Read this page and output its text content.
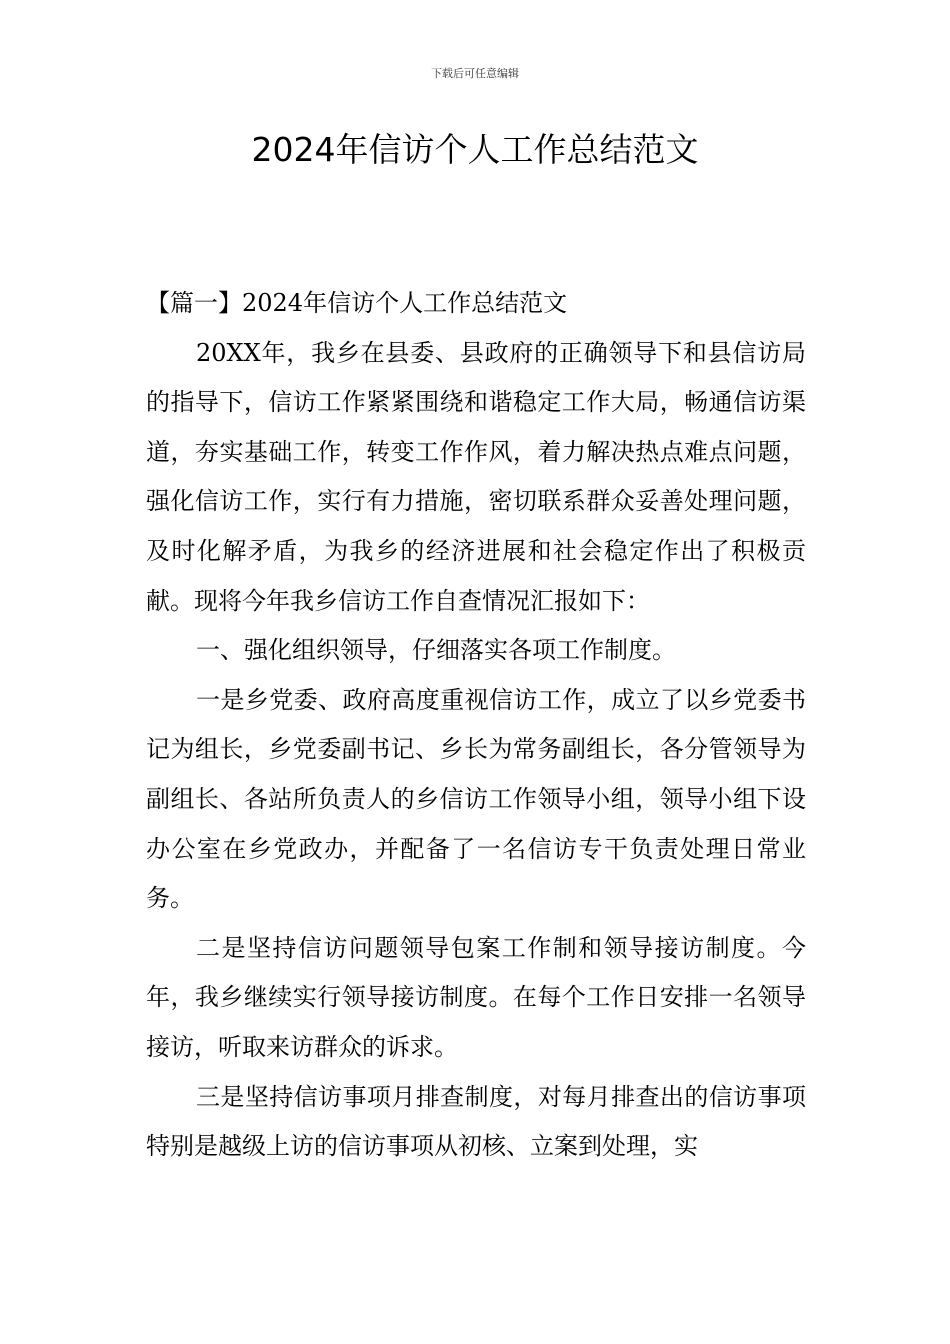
下载后可任意编辑
2024年信访个人工作总结范文

【篇一】2024年信访个人工作总结范文

20XX年，我乡在县委、县政府的正确领导下和县信访局的指导下，信访工作紧紧围绕和谐稳定工作大局，畅通信访渠道，夯实基础工作，转变工作作风，着力解决热点难点问题，强化信访工作，实行有力措施，密切联系群众妥善处理问题，及时化解矛盾，为我乡的经济进展和社会稳定作出了积极贡献。现将今年我乡信访工作自查情况汇报如下：

一、强化组织领导，仔细落实各项工作制度。

一是乡党委、政府高度重视信访工作，成立了以乡党委书记为组长，乡党委副书记、乡长为常务副组长，各分管领导为副组长、各站所负责人的乡信访工作领导小组，领导小组下设办公室在乡党政办，并配备了一名信访专干负责处理日常业务。

二是坚持信访问题领导包案工作制和领导接访制度。今年，我乡继续实行领导接访制度。在每个工作日安排一名领导接访，听取来访群众的诉求。

三是坚持信访事项月排查制度，对每月排查出的信访事项特别是越级上访的信访事项从初核、立案到处理，实
